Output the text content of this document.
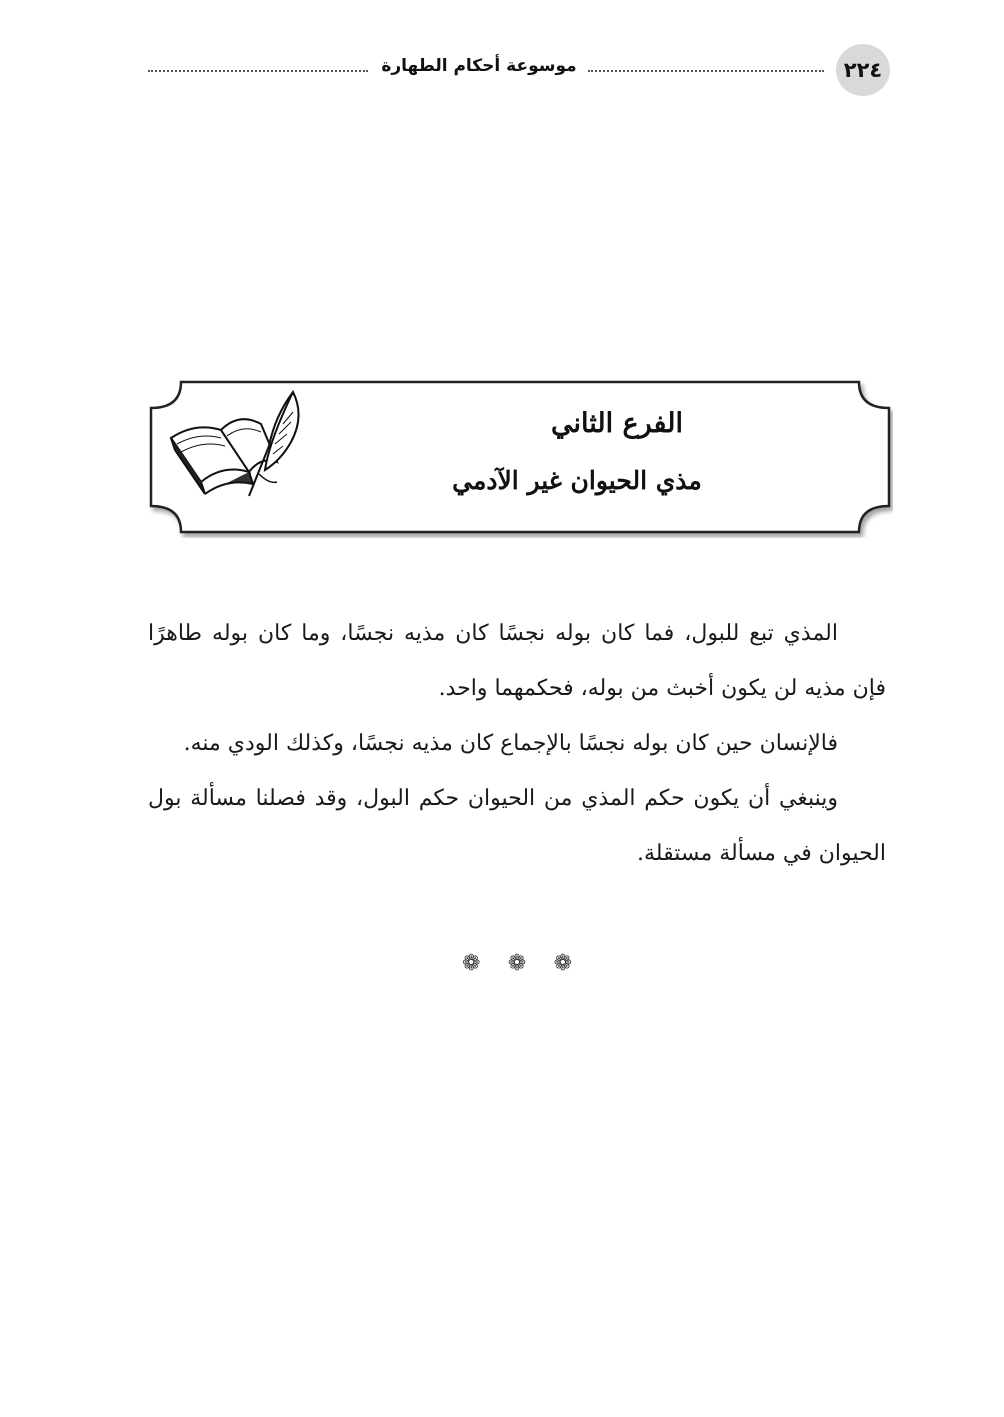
٢٢٤
موسوعة أحكام الطهارة
الفرع الثاني
مذي الحيوان غير الآدمي

المذي تبع للبول، فما كان بوله نجسًا كان مذيه نجسًا، وما كان بوله طاهرًا فإن مذيه لن يكون أخبث من بوله، فحكمهما واحد.

فالإنسان حين كان بوله نجسًا بالإجماع كان مذيه نجسًا، وكذلك الودي منه.

وينبغي أن يكون حكم المذي من الحيوان حكم البول، وقد فصلنا مسألة بول الحيوان في مسألة مستقلة.

❁ ❁ ❁
